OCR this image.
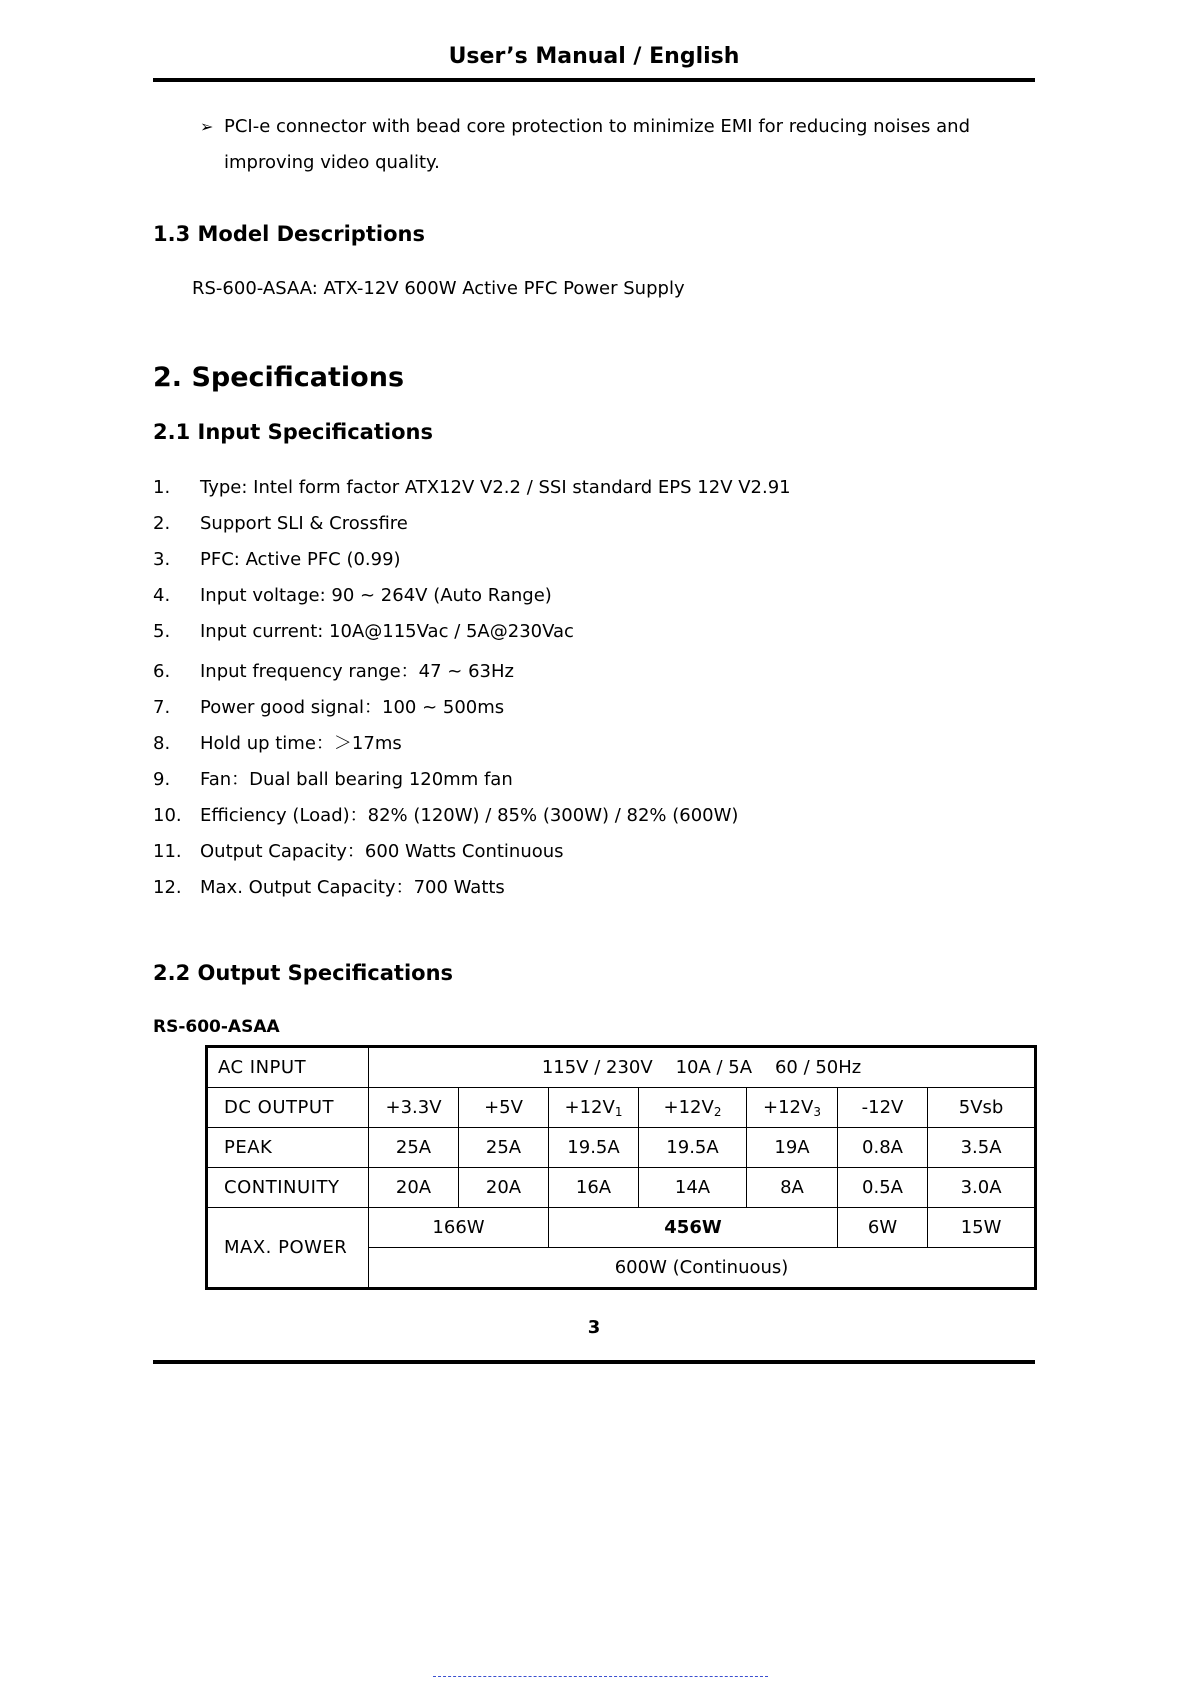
User’s Manual / English
➢ PCI-e connector with bead core protection to minimize EMI for reducing noises and
improving video quality.
1.3 Model Descriptions
RS-600-ASAA: ATX-12V 600W Active PFC Power Supply
2. Specifications
2.1 Input Specifications
1. Type: Intel form factor ATX12V V2.2 / SSI standard EPS 12V V2.91
2. Support SLI & Crossfire
3. PFC: Active PFC (0.99)
4. Input voltage: 90 ~ 264V (Auto Range)
5. Input current: 10A@115Vac / 5A@230Vac
6. Input frequency range：47 ~ 63Hz
7. Power good signal：100 ~ 500ms
8. Hold up time：＞17ms
9. Fan：Dual ball bearing 120mm fan
10. Efficiency (Load)：82% (120W) / 85% (300W) / 82% (600W)
11. Output Capacity：600 Watts Continuous
12. Max. Output Capacity：700 Watts
2.2 Output Specifications
RS-600-ASAA
AC INPUT	115V / 230V    10A / 5A    60 / 50Hz						
DC OUTPUT	+3.3V	+5V	$+12V_1$	$+12V_2$	$+12V_3$	-12V	5Vsb
PEAK	25A	25A	19.5A	19.5A	19A	0.8A	3.5A
CONTINUITY	20A	20A	16A	14A	8A	0.5A	3.0A
MAX. POWER	166W		456W			6W	15W
	600W (Continuous)						
3
